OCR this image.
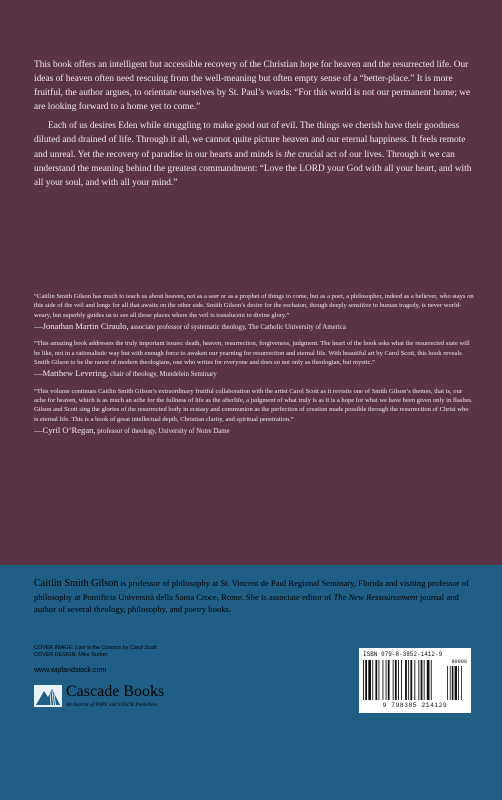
This book offers an intelligent but accessible recovery of the Christian hope for heaven and the resurrected life. Our ideas of heaven often need rescuing from the well-meaning but often empty sense of a “better-place.” It is more fruitful, the author argues, to orientate ourselves by St. Paul’s words: “For this world is not our permanent home; we are looking forward to a home yet to come.”

Each of us desires Eden while struggling to make good out of evil. The things we cherish have their goodness diluted and drained of life. Through it all, we cannot quite picture heaven and our eternal happiness. It feels remote and unreal. Yet the recovery of paradise in our hearts and minds is the crucial act of our lives. Through it we can understand the meaning behind the greatest commandment: “Love the LORD your God with all your heart, and with all your soul, and with all your mind.”

“Caitlin Smith Gilson has much to teach us about heaven, not as a seer or as a prophet of things to come, but as a poet, a philosopher, indeed as a believer, who stays on this side of the veil and longs for all that awaits on the other side. Smith Gilson’s desire for the eschaton, though deeply sensitive to human tragedy, is never world-weary, but superbly guides us to see all those places where the veil is translucent to divine glory.”
—Jonathan Martin Ciraulo, associate professor of systematic theology, The Catholic University of America
“This amazing book addresses the truly important issues: death, heaven, resurrection, forgiveness, judgment. The heart of the book asks what the resurrected state will be like, not in a rationalistic way but with enough force to awaken our yearning for resurrection and eternal life. With beautiful art by Carol Scott, this book reveals Smith Gilson to be the rarest of modern theologians, one who writes for everyone and does so not only as theologian, but mystic.”
—Matthew Levering, chair of theology, Mundelein Seminary
“This volume continues Caitlin Smith Gilson’s extraordinary fruitful collaboration with the artist Carol Scott as it revisits one of Smith Gilson’s themes, that is, our ache for heaven, which is as much an ache for the fullness of life as the afterlife, a judgment of what truly is as it is a hope for what we have been given only in flashes. Gilson and Scott sing the glories of the resurrected body in ecstasy and communion as the perfection of creation made possible through the resurrection of Christ who is eternal life. This is a book of great intellectual depth, Christian clarity, and spiritual penetration.”
—Cyril O’Regan, professor of theology, University of Notre Dame
Caitlin Smith Gilson is professor of philosophy at St. Vincent de Paul Regional Seminary, Florida and visiting professor of philosophy at Pontificia Università della Santa Croce, Rome. She is associate editor of The New Ressourcement journal and author of several theology, philosophy, and poetry books.
COVER IMAGE: Lost in the Cosmos by Carol Scott
COVER DESIGN: Mike Surber
www.wipfandstock.com
Cascade Books
An Imprint of WIPF and STOCK Publishers
ISBN 979-8-3852-1412-9
90000
9 798385 214129
